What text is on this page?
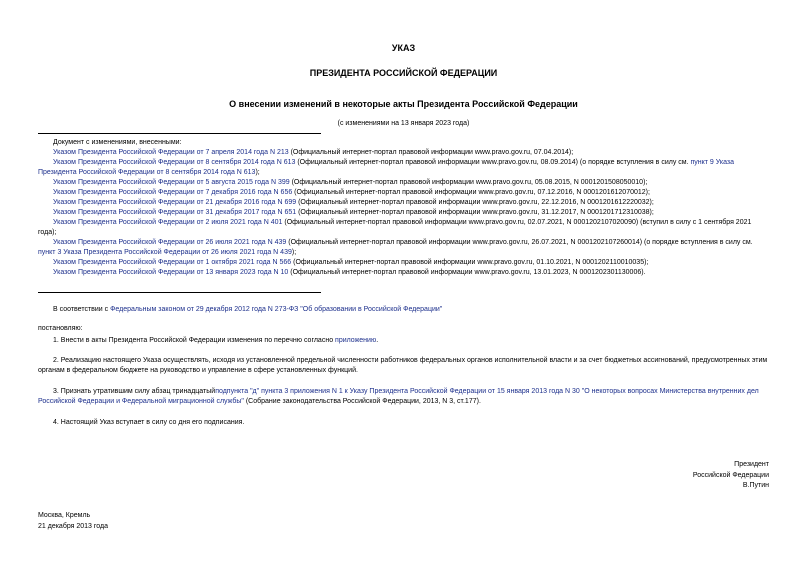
УКАЗ
ПРЕЗИДЕНТА РОССИЙСКОЙ ФЕДЕРАЦИИ
О внесении изменений в некоторые акты Президента Российской Федерации
(с изменениями на 13 января 2023 года)

Документ с изменениями, внесенными:

Указом Президента Российской Федерации от 7 апреля 2014 года N 213 (Официальный интернет-портал правовой информации www.pravo.gov.ru, 07.04.2014);

Указом Президента Российской Федерации от 8 сентября 2014 года N 613 (Официальный интернет-портал правовой информации www.pravo.gov.ru, 08.09.2014) (о порядке вступления в силу см. пункт 9 Указа Президента Российской Федерации от 8 сентября 2014 года N 613);

Указом Президента Российской Федерации от 5 августа 2015 года N 399 (Официальный интернет-портал правовой информации www.pravo.gov.ru, 05.08.2015, N 0001201508050010);

Указом Президента Российской Федерации от 7 декабря 2016 года N 656 (Официальный интернет-портал правовой информации www.pravo.gov.ru, 07.12.2016, N 0001201612070012);

Указом Президента Российской Федерации от 21 декабря 2016 года N 699 (Официальный интернет-портал правовой информации www.pravo.gov.ru, 22.12.2016, N 0001201612220032);

Указом Президента Российской Федерации от 31 декабря 2017 года N 651 (Официальный интернет-портал правовой информации www.pravo.gov.ru, 31.12.2017, N 0001201712310038);

Указом Президента Российской Федерации от 2 июля 2021 года N 401 (Официальный интернет-портал правовой информации www.pravo.gov.ru, 02.07.2021, N 0001202107020090) (вступил в силу с 1 сентября 2021 года);

Указом Президента Российской Федерации от 26 июля 2021 года N 439 (Официальный интернет-портал правовой информации www.pravo.gov.ru, 26.07.2021, N 0001202107260014) (о порядке вступления в силу см. пункт 3 Указа Президента Российской Федерации от 26 июля 2021 года N 439);

Указом Президента Российской Федерации от 1 октября 2021 года N 566 (Официальный интернет-портал правовой информации www.pravo.gov.ru, 01.10.2021, N 0001202110010035);

Указом Президента Российской Федерации от 13 января 2023 года N 10 (Официальный интернет-портал правовой информации www.pravo.gov.ru, 13.01.2023, N 0001202301130006).

В соответствии с Федеральным законом от 29 декабря 2012 года N 273-ФЗ "Об образовании в Российской Федерации"
постановляю:
1. Внести в акты Президента Российской Федерации изменения по перечню согласно приложению.
2. Реализацию настоящего Указа осуществлять, исходя из установленной предельной численности работников федеральных органов исполнительной власти и за счет бюджетных ассигнований, предусмотренных этим органам в федеральном бюджете на руководство и управление в сфере установленных функций.
3. Признать утратившим силу абзац тринадцатыйподпункта "д" пункта 3 приложения N 1 к Указу Президента Российской Федерации от 15 января 2013 года N 30 "О некоторых вопросах Министерства внутренних дел Российской Федерации и Федеральной миграционной службы" (Собрание законодательства Российской Федерации, 2013, N 3, ст.177).
4. Настоящий Указ вступает в силу со дня его подписания.
Президент
Российской Федерации
В.Путин
Москва, Кремль
21 декабря 2013 года
